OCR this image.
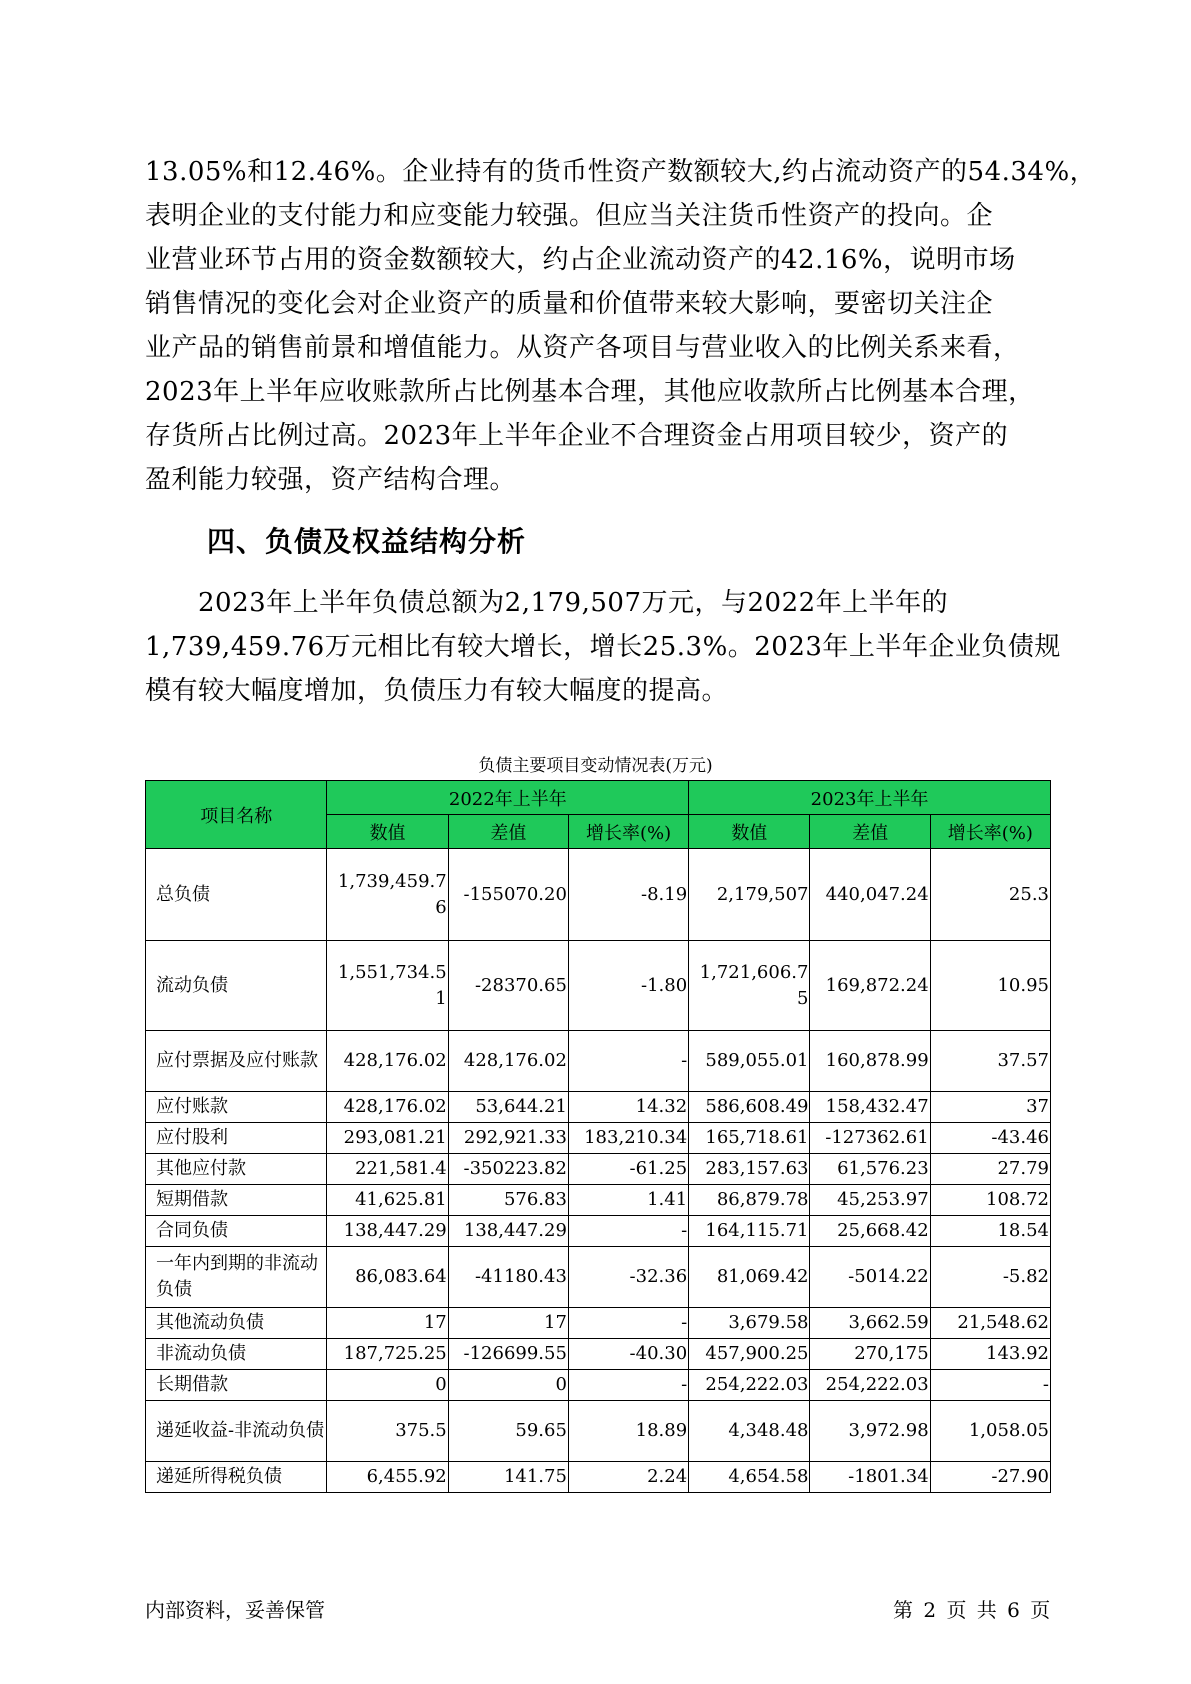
13.05%和12.46%。企业持有的货币性资产数额较大,约占流动资产的54.34%，
表明企业的支付能力和应变能力较强。但应当关注货币性资产的投向。企
业营业环节占用的资金数额较大，约占企业流动资产的42.16%，说明市场
销售情况的变化会对企业资产的质量和价值带来较大影响，要密切关注企
业产品的销售前景和增值能力。从资产各项目与营业收入的比例关系来看，
2023年上半年应收账款所占比例基本合理，其他应收款所占比例基本合理，
存货所占比例过高。2023年上半年企业不合理资金占用项目较少，资产的
盈利能力较强，资产结构合理。
四、负债及权益结构分析
　　2023年上半年负债总额为2,179,507万元，与2022年上半年的
1,739,459.76万元相比有较大增长，增长25.3%。2023年上半年企业负债规
模有较大幅度增加，负债压力有较大幅度的提高。
负债主要项目变动情况表(万元)
项目名称	2022年上半年			2023年上半年		
	数值	差值	增长率(%)	数值	差值	增长率(%)
总负债	1,739,459.76	-155070.20	-8.19	2,179,507	440,047.24	25.3
流动负债	1,551,734.51	-28370.65	-1.80	1,721,606.75	169,872.24	10.95
应付票据及应付账款	428,176.02	428,176.02	-	589,055.01	160,878.99	37.57
应付账款	428,176.02	53,644.21	14.32	586,608.49	158,432.47	37
应付股利	293,081.21	292,921.33	183,210.34	165,718.61	-127362.61	-43.46
其他应付款	221,581.4	-350223.82	-61.25	283,157.63	61,576.23	27.79
短期借款	41,625.81	576.83	1.41	86,879.78	45,253.97	108.72
合同负债	138,447.29	138,447.29	-	164,115.71	25,668.42	18.54
一年内到期的非流动负债	86,083.64	-41180.43	-32.36	81,069.42	-5014.22	-5.82
其他流动负债	17	17	-	3,679.58	3,662.59	21,548.62
非流动负债	187,725.25	-126699.55	-40.30	457,900.25	270,175	143.92
长期借款	0	0	-	254,222.03	254,222.03	-
递延收益-非流动负债	375.5	59.65	18.89	4,348.48	3,972.98	1,058.05
递延所得税负债	6,455.92	141.75	2.24	4,654.58	-1801.34	-27.90
内部资料，妥善保管	第 2 页 共 6 页
